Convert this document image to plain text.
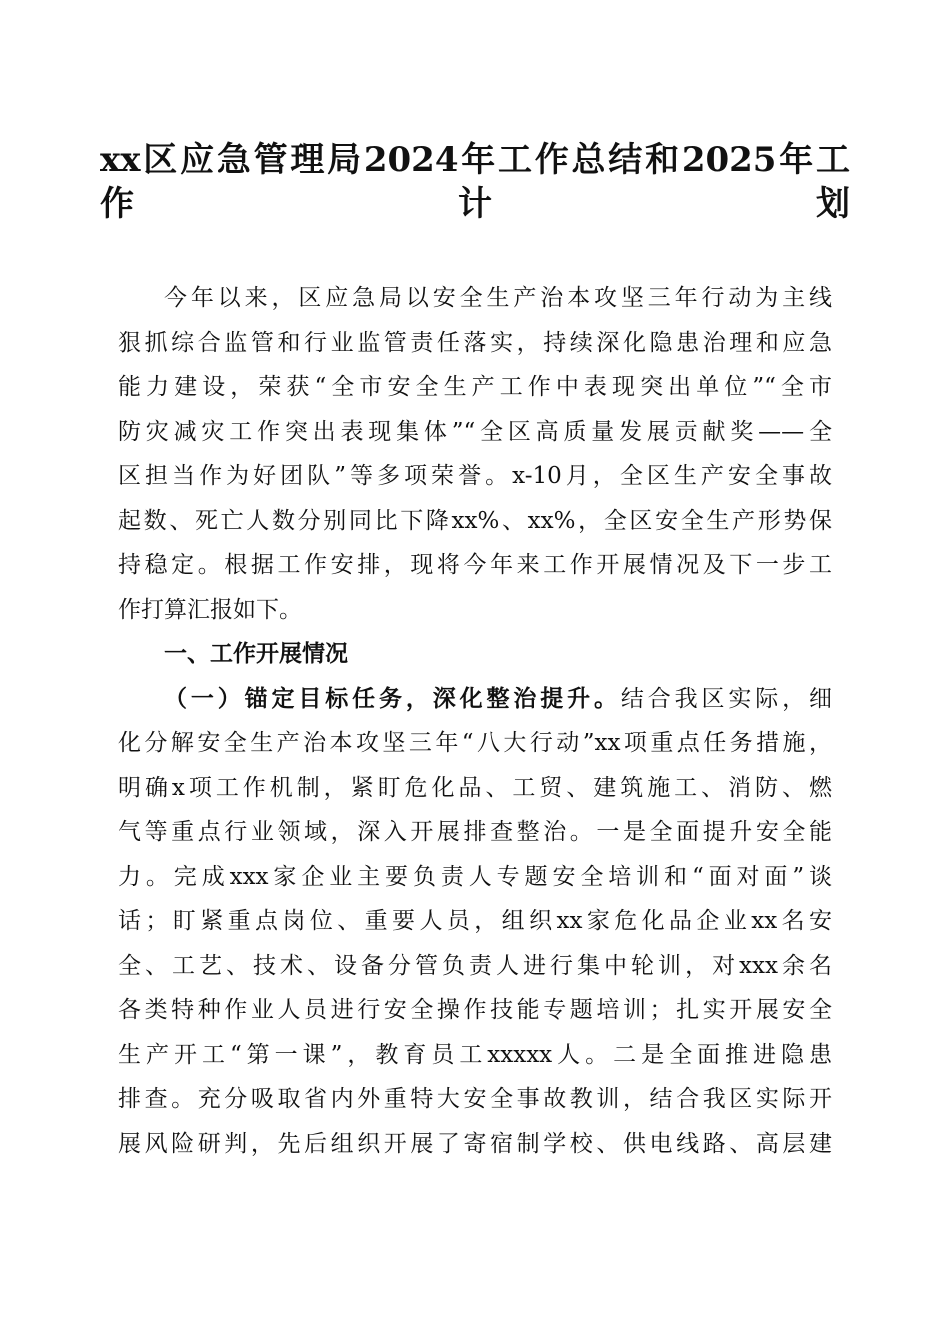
xx区应急管理局2024年工作总结和2025年工
作计划

今年以来，区应急局以安全生产治本攻坚三年行动为主线
狠抓综合监管和行业监管责任落实，持续深化隐患治理和应急
能力建设，荣获“全市安全生产工作中表现突出单位”“全市
防灾减灾工作突出表现集体”“全区高质量发展贡献奖——全
区担当作为好团队”等多项荣誉。x-10月，全区生产安全事故
起数、死亡人数分别同比下降xx%、xx%，全区安全生产形势保
持稳定。根据工作安排，现将今年来工作开展情况及下一步工
作打算汇报如下。

一、工作开展情况

（一）锚定目标任务，深化整治提升。结合我区实际，细
化分解安全生产治本攻坚三年“八大行动”xx项重点任务措施，
明确x项工作机制，紧盯危化品、工贸、建筑施工、消防、燃
气等重点行业领域，深入开展排查整治。一是全面提升安全能
力。完成xxx家企业主要负责人专题安全培训和“面对面”谈
话；盯紧重点岗位、重要人员，组织xx家危化品企业xx名安
全、工艺、技术、设备分管负责人进行集中轮训，对xxx余名
各类特种作业人员进行安全操作技能专题培训；扎实开展安全
生产开工“第一课”，教育员工xxxxx人。二是全面推进隐患
排查。充分吸取省内外重特大安全事故教训，结合我区实际开
展风险研判，先后组织开展了寄宿制学校、供电线路、高层建
